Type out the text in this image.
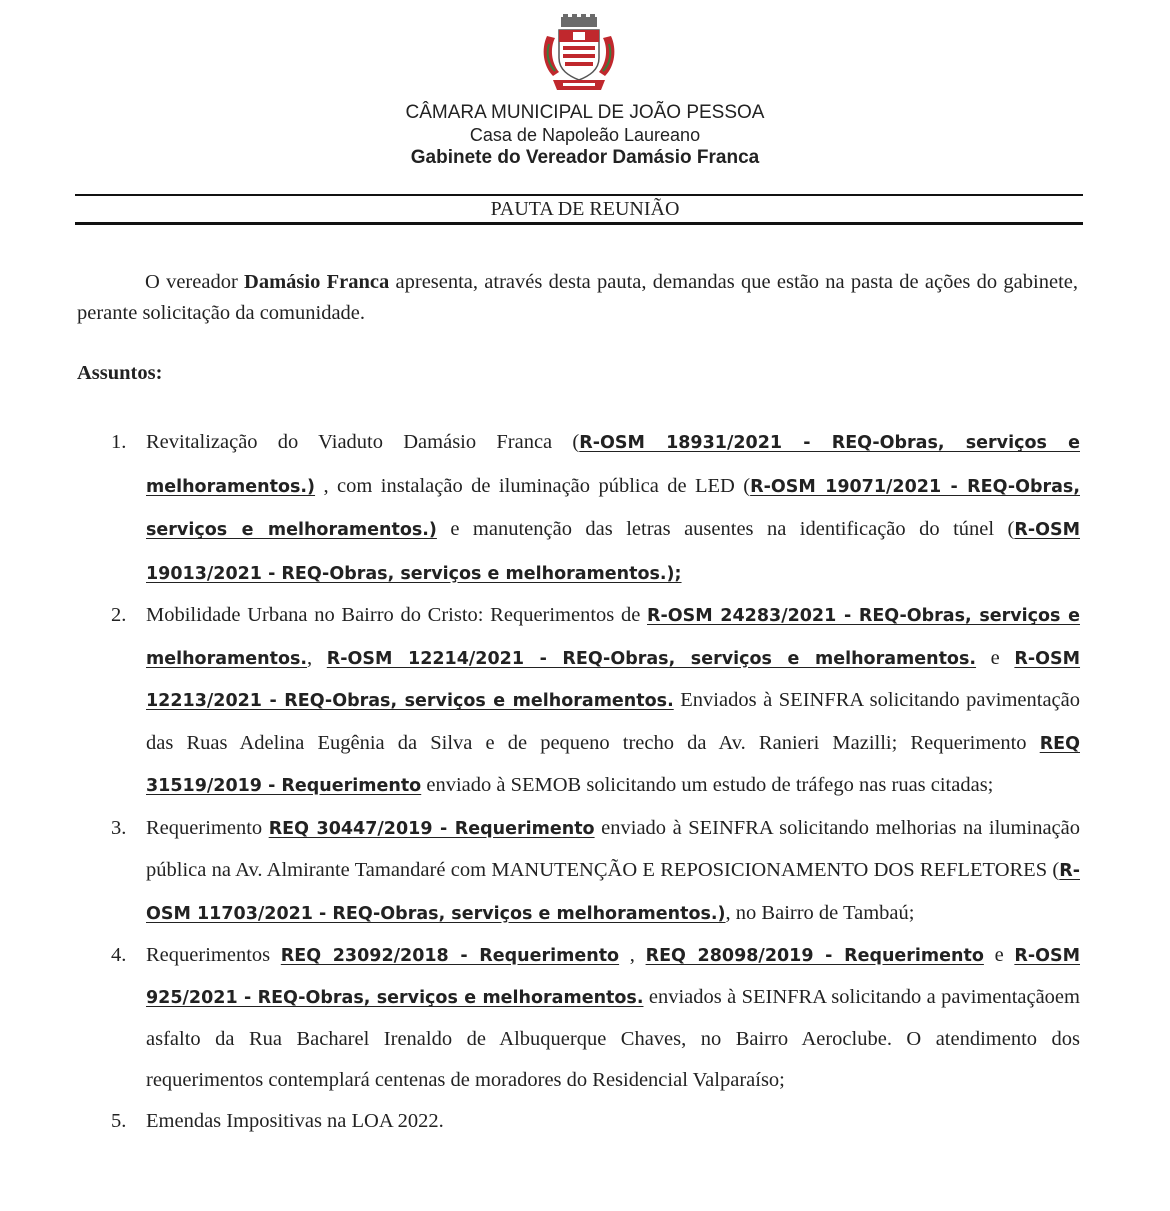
CÂMARA MUNICIPAL DE JOÃO PESSOA
Casa de Napoleão Laureano
Gabinete do Vereador Damásio Franca
PAUTA DE REUNIÃO
O vereador Damásio Franca apresenta, através desta pauta, demandas que estão na pasta de ações do gabinete, perante solicitação da comunidade.
Assuntos:
1. Revitalização do Viaduto Damásio Franca (R-OSM 18931/2021 - REQ-Obras, serviços e melhoramentos.) , com instalação de iluminação pública de LED (R-OSM 19071/2021 - REQ-Obras, serviços e melhoramentos.) e manutenção das letras ausentes na identificação do túnel (R-OSM 19013/2021 - REQ-Obras, serviços e melhoramentos.);
2. Mobilidade Urbana no Bairro do Cristo: Requerimentos de R-OSM 24283/2021 - REQ-Obras, serviços e melhoramentos., R-OSM 12214/2021 - REQ-Obras, serviços e melhoramentos. e R-OSM 12213/2021 - REQ-Obras, serviços e melhoramentos. Enviados à SEINFRA solicitando pavimentação das Ruas Adelina Eugênia da Silva e de pequeno trecho da Av. Ranieri Mazilli; Requerimento REQ 31519/2019 - Requerimento enviado à SEMOB solicitando um estudo de tráfego nas ruas citadas;
3. Requerimento REQ 30447/2019 - Requerimento enviado à SEINFRA solicitando melhorias na iluminação pública na Av. Almirante Tamandaré com MANUTENÇÃO E REPOSICIONAMENTO DOS REFLETORES (R-OSM 11703/2021 - REQ-Obras, serviços e melhoramentos.), no Bairro de Tambaú;
4. Requerimentos REQ 23092/2018 - Requerimento , REQ 28098/2019 - Requerimento e R-OSM 925/2021 - REQ-Obras, serviços e melhoramentos. enviados à SEINFRA solicitando a pavimentaçãoem asfalto da Rua Bacharel Irenaldo de Albuquerque Chaves, no Bairro Aeroclube. O atendimento dos requerimentos contemplará centenas de moradores do Residencial Valparaíso;
5. Emendas Impositivas na LOA 2022.
